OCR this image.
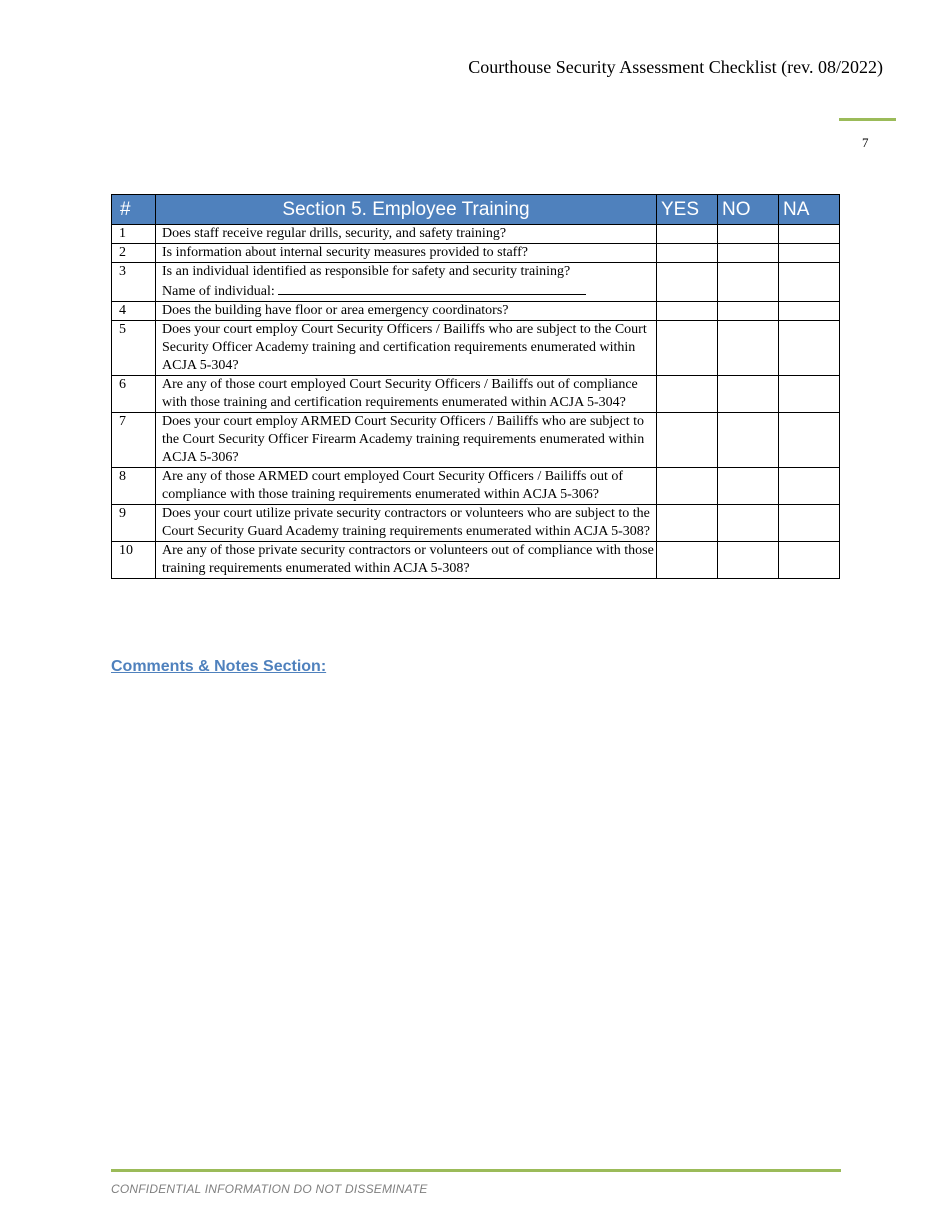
Courthouse Security Assessment Checklist (rev. 08/2022)
7
#	Section 5. Employee Training	YES	NO	NA
1	Does staff receive regular drills, security, and safety training?			
2	Is information about internal security measures provided to staff?			
3	Is an individual identified as responsible for safety and security training?
Name of individual:			

4	Does the building have floor or area emergency coordinators?			
5	Does your court employ Court Security Officers / Bailiffs who are subject to the Court Security Officer Academy training and certification requirements enumerated within ACJA 5-304?			
6	Are any of those court employed Court Security Officers / Bailiffs out of compliance with those training and certification requirements enumerated within ACJA 5-304?			
7	Does your court employ ARMED Court Security Officers / Bailiffs who are subject to the Court Security Officer Firearm Academy training requirements enumerated within ACJA 5-306?			
8	Are any of those ARMED court employed Court Security Officers / Bailiffs out of compliance with those training requirements enumerated within ACJA 5-306?			
9	Does your court utilize private security contractors or volunteers who are subject to the Court Security Guard Academy training requirements enumerated within ACJA 5-308?			
10	Are any of those private security contractors or volunteers out of compliance with those training requirements enumerated within ACJA 5-308?			
Comments & Notes Section:
CONFIDENTIAL INFORMATION DO NOT DISSEMINATE
